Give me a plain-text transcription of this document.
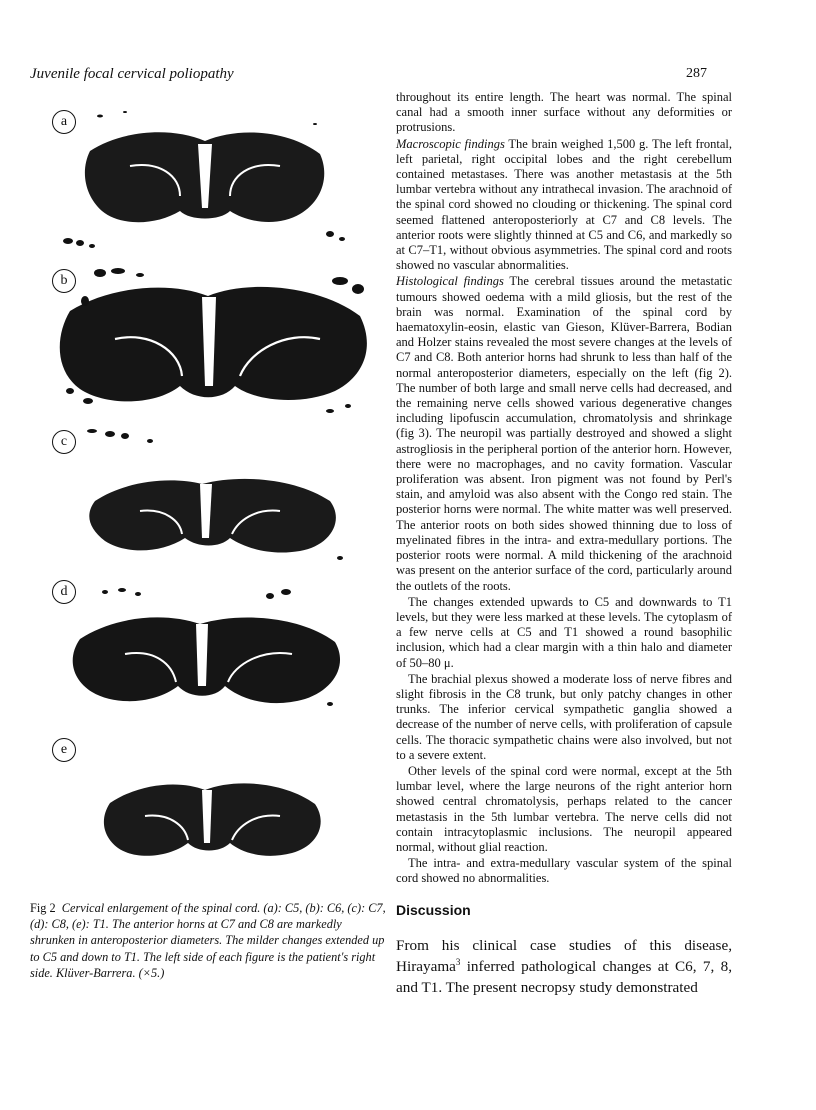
Juvenile focal cervical poliopathy	287
a
b
c
d
e
Fig 2 Cervical enlargement of the spinal cord. (a): C5, (b): C6, (c): C7, (d): C8, (e): T1. The anterior horns at C7 and C8 are markedly shrunken in anteroposterior diameters. The milder changes extended up to C5 and down to T1. The left side of each figure is the patient's right side. Klüver-Barrera. (×5.)

throughout its entire length. The heart was normal. The spinal canal had a smooth inner surface without any deformities or protrusions.

Macroscopic findings The brain weighed 1,500 g. The left frontal, left parietal, right occipital lobes and the right cerebellum contained metastases. There was another metastasis at the 5th lumbar vertebra without any intrathecal invasion. The arachnoid of the spinal cord showed no clouding or thickening. The spinal cord seemed flattened anteroposteriorly at C7 and C8 levels. The anterior roots were slightly thinned at C5 and C6, and markedly so at C7–T1, without obvious asymmetries. The spinal cord and roots showed no vascular abnormalities.

Histological findings The cerebral tissues around the metastatic tumours showed oedema with a mild gliosis, but the rest of the brain was normal. Examination of the spinal cord by haematoxylin-eosin, elastic van Gieson, Klüver-Barrera, Bodian and Holzer stains revealed the most severe changes at the levels of C7 and C8. Both anterior horns had shrunk to less than half of the normal anteroposterior diameters, especially on the left (fig 2). The number of both large and small nerve cells had decreased, and the remaining nerve cells showed various degenerative changes including lipofuscin accumulation, chromatolysis and shrinkage (fig 3). The neuropil was partially destroyed and showed a slight astrogliosis in the peripheral portion of the anterior horn. However, there were no macrophages, and no cavity formation. Vascular proliferation was absent. Iron pigment was not found by Perl's stain, and amyloid was also absent with the Congo red stain. The posterior horns were normal. The white matter was well preserved. The anterior roots on both sides showed thinning due to loss of myelinated fibres in the intra- and extra-medullary portions. The posterior roots were normal. A mild thickening of the arachnoid was present on the anterior surface of the cord, particularly around the outlets of the roots.

The changes extended upwards to C5 and downwards to T1 levels, but they were less marked at these levels. The cytoplasm of a few nerve cells at C5 and T1 showed a round basophilic inclusion, which had a clear margin with a thin halo and diameter of 50–80 μ.

The brachial plexus showed a moderate loss of nerve fibres and slight fibrosis in the C8 trunk, but only patchy changes in other trunks. The inferior cervical sympathetic ganglia showed a decrease of the number of nerve cells, with proliferation of capsule cells. The thoracic sympathetic chains were also involved, but not to a severe extent.

Other levels of the spinal cord were normal, except at the 5th lumbar level, where the large neurons of the right anterior horn showed central chromatolysis, perhaps related to the cancer metastasis in the 5th lumbar vertebra. The nerve cells did not contain intracytoplasmic inclusions. The neuropil appeared normal, without glial reaction.

The intra- and extra-medullary vascular system of the spinal cord showed no abnormalities.

Discussion
From his clinical case studies of this disease, Hirayama$^3$ inferred pathological changes at C6, 7, 8, and T1. The present necropsy study demonstrated
